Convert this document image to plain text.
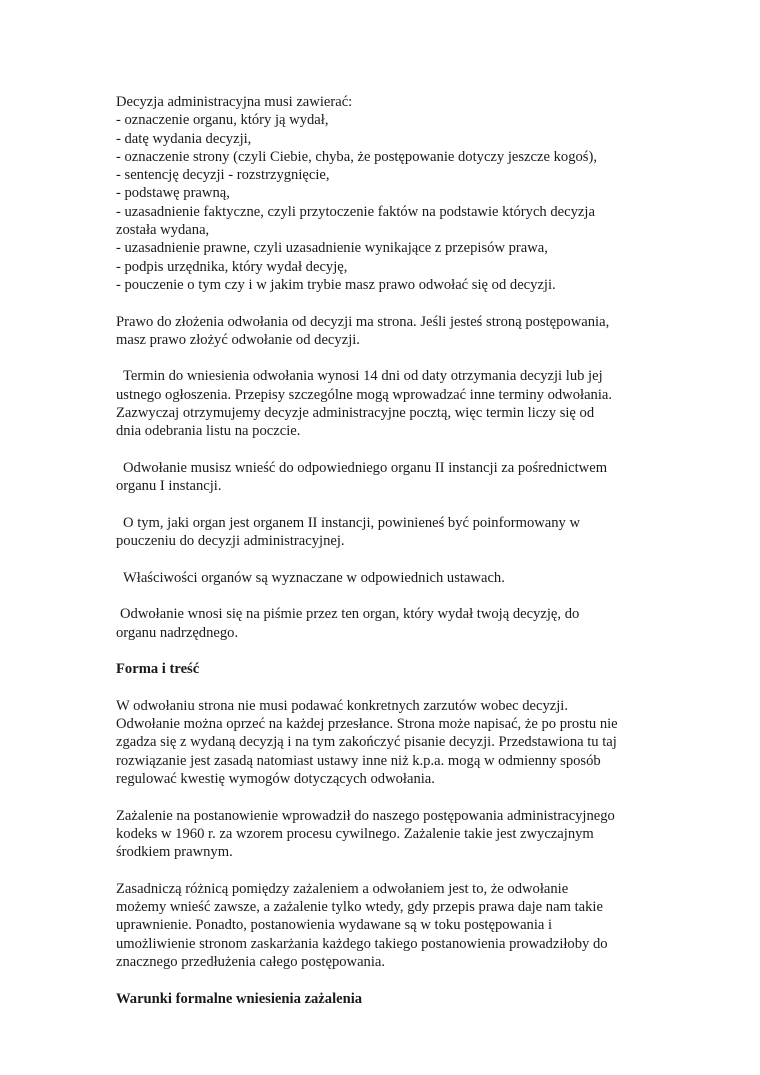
Decyzja administracyjna musi zawierać:
- oznaczenie organu, który ją wydał,
- datę wydania decyzji,
- oznaczenie strony (czyli Ciebie, chyba, że postępowanie dotyczy jeszcze kogoś),
- sentencję decyzji - rozstrzygnięcie,
- podstawę prawną,
- uzasadnienie faktyczne, czyli przytoczenie faktów na podstawie których decyzja
została wydana,
- uzasadnienie prawne, czyli uzasadnienie wynikające z przepisów prawa,
- podpis urzędnika, który wydał decyję,
- pouczenie o tym czy i w jakim trybie masz prawo odwołać się od decyzji.

Prawo do złożenia odwołania od decyzji ma strona. Jeśli jesteś stroną postępowania,
masz prawo złożyć odwołanie od decyzji.

Termin do wniesienia odwołania wynosi 14 dni od daty otrzymania decyzji lub jej
ustnego ogłoszenia. Przepisy szczególne mogą wprowadzać inne terminy odwołania.
Zazwyczaj otrzymujemy decyzje administracyjne pocztą, więc termin liczy się od
dnia odebrania listu na poczcie.

Odwołanie musisz wnieść do odpowiedniego organu II instancji za pośrednictwem
organu I instancji.

O tym, jaki organ jest organem II instancji, powinieneś być poinformowany w
pouczeniu do decyzji administracyjnej.

Właściwości organów są wyznaczane w odpowiednich ustawach.

Odwołanie wnosi się na piśmie przez ten organ, który wydał twoją decyzję, do
organu nadrzędnego.

Forma i treść

W odwołaniu strona nie musi podawać konkretnych zarzutów wobec decyzji.
Odwołanie można oprzeć na każdej przesłance. Strona może napisać, że po prostu nie
zgadza się z wydaną decyzją i na tym zakończyć pisanie decyzji. Przedstawiona tu taj
rozwiązanie jest zasadą natomiast ustawy inne niż k.p.a. mogą w odmienny sposób
regulować kwestię wymogów dotyczących odwołania.

Zażalenie na postanowienie wprowadził do naszego postępowania administracyjnego
kodeks w 1960 r. za wzorem procesu cywilnego. Zażalenie takie jest zwyczajnym
środkiem prawnym.

Zasadniczą różnicą pomiędzy zażaleniem a odwołaniem jest to, że odwołanie
możemy wnieść zawsze, a zażalenie tylko wtedy, gdy przepis prawa daje nam takie
uprawnienie. Ponadto, postanowienia wydawane są w toku postępowania i
umożliwienie stronom zaskarżania każdego takiego postanowienia prowadziłoby do
znacznego przedłużenia całego postępowania.

Warunki formalne wniesienia zażalenia
